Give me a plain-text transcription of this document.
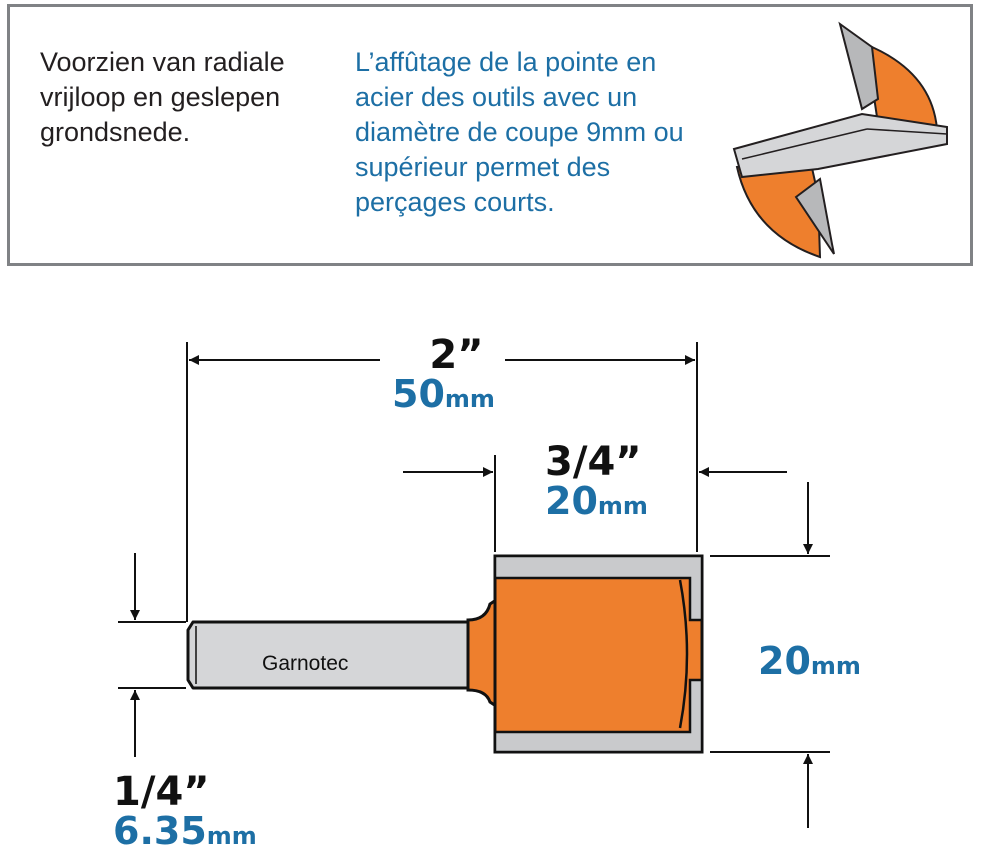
Voorzien van radiale vrijloop en geslepen grondsnede.
L’affûtage de la pointe en acier des outils avec un diamètre de coupe 9mm ou supérieur permet des perçages courts.
Garnotec
2”
50mm
3/4”
20mm
20mm
1/4”
6.35mm
